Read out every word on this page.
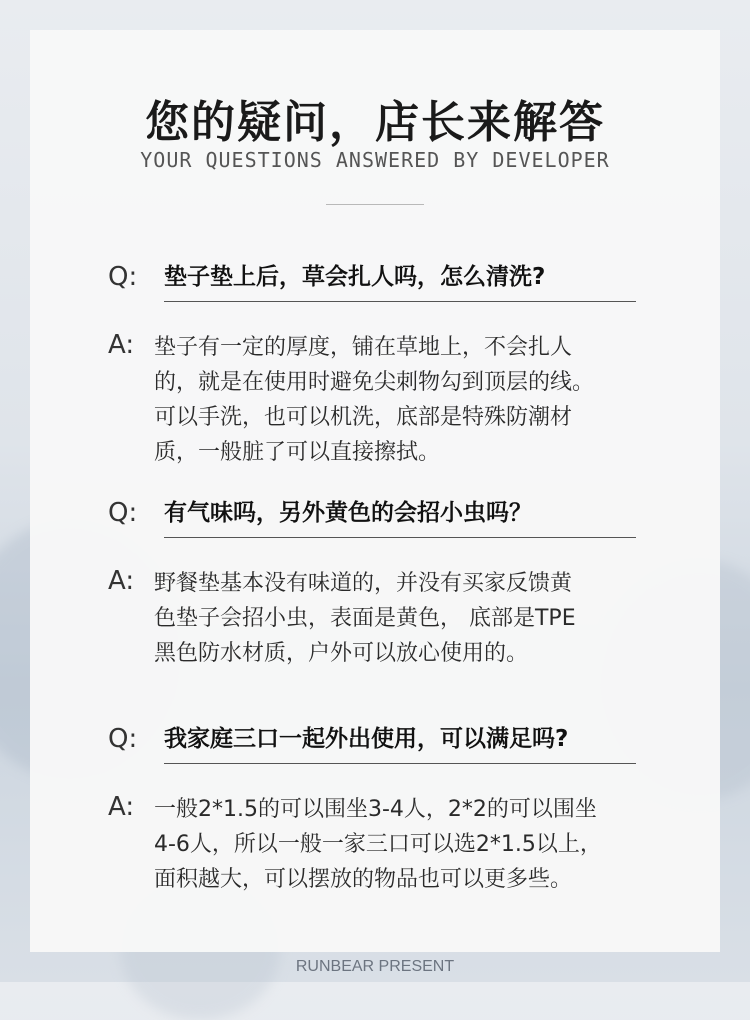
您的疑问，店长来解答
YOUR QUESTIONS ANSWERED BY DEVELOPER
Q: 垫子垫上后，草会扎人吗，怎么清洗?
A: 垫子有一定的厚度，铺在草地上，不会扎人
的，就是在使用时避免尖刺物勾到顶层的线。
可以手洗，也可以机洗，底部是特殊防潮材
质，一般脏了可以直接擦拭。
Q: 有气味吗，另外黄色的会招小虫吗？
A: 野餐垫基本没有味道的，并没有买家反馈黄
色垫子会招小虫，表面是黄色， 底部是TPE
黑色防水材质，户外可以放心使用的。
Q: 我家庭三口一起外出使用，可以满足吗?
A: 一般2*1.5的可以围坐3-4人，2*2的可以围坐
4-6人，所以一般一家三口可以选2*1.5以上，
面积越大，可以摆放的物品也可以更多些。
RUNBEAR PRESENT
